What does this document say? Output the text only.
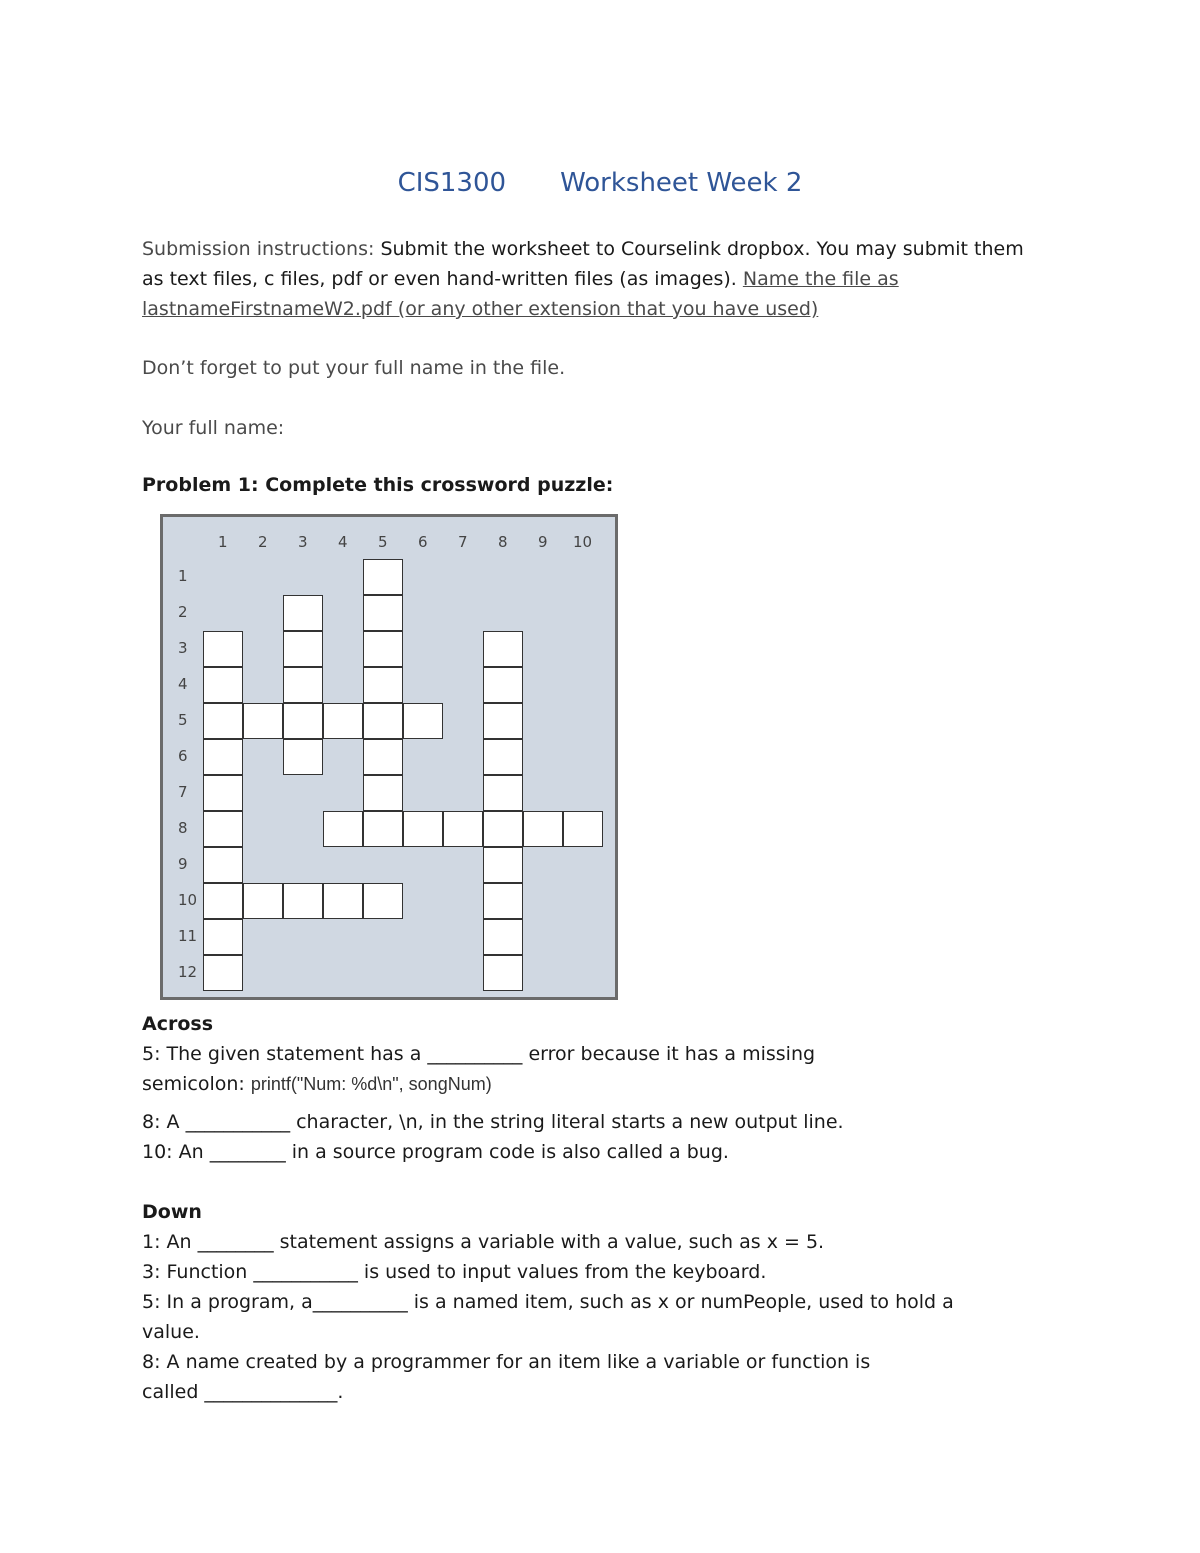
CIS1300 Worksheet Week 2
Submission instructions: Submit the worksheet to Courselink dropbox. You may submit them as text files, c files, pdf or even hand-written files (as images). Name the file as lastnameFirstnameW2.pdf (or any other extension that you have used)
Don’t forget to put your full name in the file.
Your full name:
Problem 1: Complete this crossword puzzle:
1 2 3 4 5 6 7 8 9 10
1
2
3
4
5
6
7
8
9
10
11
12
Across
5: The given statement has a __________ error because it has a missing
semicolon: printf("Num: %d\n", songNum)
8: A ___________ character, \n, in the string literal starts a new output line.
10: An ________ in a source program code is also called a bug.
Down
1: An ________ statement assigns a variable with a value, such as x = 5.
3: Function ___________ is used to input values from the keyboard.
5: In a program, a__________ is a named item, such as x or numPeople, used to hold a
value.
8: A name created by a programmer for an item like a variable or function is
called ______________.
